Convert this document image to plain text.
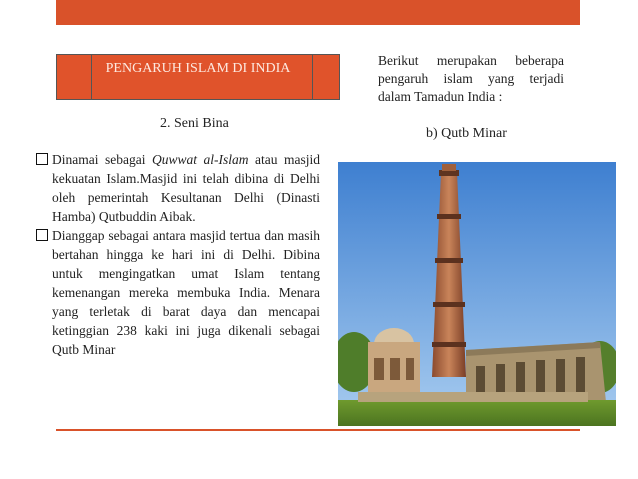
PENGARUH ISLAM DI INDIA
2. Seni Bina
Berikut merupakan beberapa pengaruh islam yang terjadi dalam Tamadun India :
b) Qutb Minar
Dinamai sebagai Quwwat al-Islam atau masjid kekuatan Islam.Masjid ini telah dibina di Delhi oleh pemerintah Kesultanan Delhi (Dinasti Hamba) Qutbuddin Aibak.
Dianggap sebagai antara masjid tertua dan masih bertahan hingga ke hari ini di Delhi. Dibina untuk mengingatkan umat Islam tentang kemenangan mereka membuka India. Menara yang terletak di barat daya dan mencapai ketinggian 238 kaki ini juga dikenali sebagai Qutb Minar
